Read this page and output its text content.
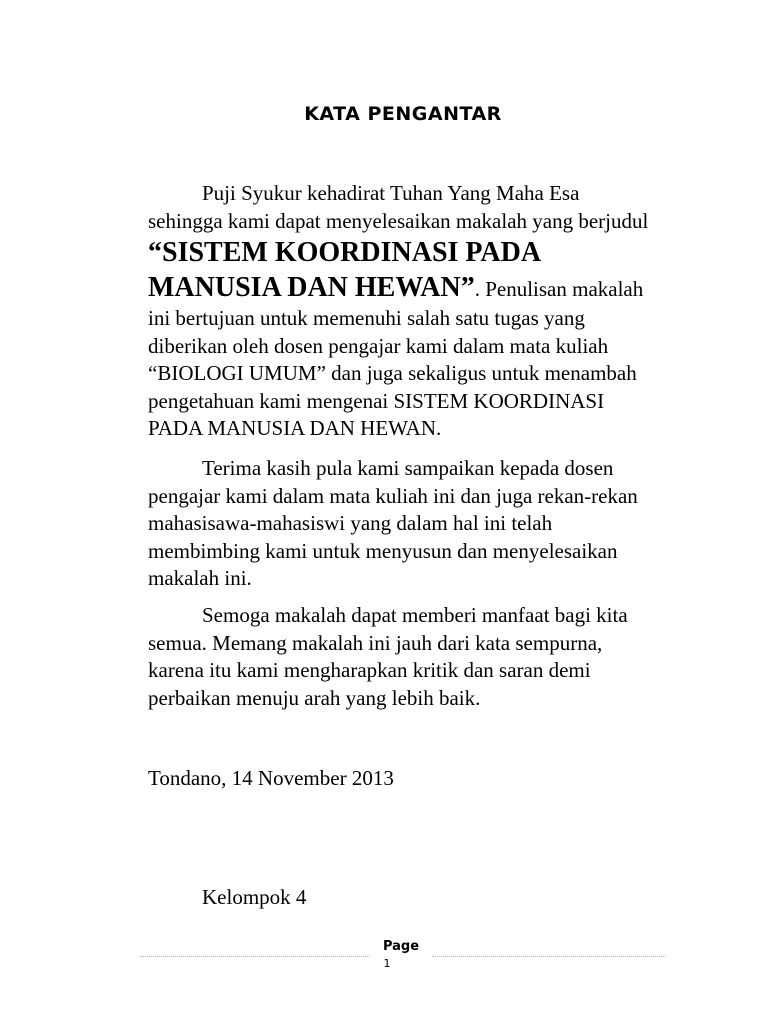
KATA PENGANTAR

Puji Syukur kehadirat Tuhan Yang Maha Esa sehingga kami dapat menyelesaikan makalah yang berjudul “SISTEM KOORDINASI PADA MANUSIA DAN HEWAN”. Penulisan makalah ini bertujuan untuk memenuhi salah satu tugas yang diberikan oleh dosen pengajar kami dalam mata kuliah “BIOLOGI UMUM” dan juga sekaligus untuk menambah pengetahuan kami mengenai SISTEM KOORDINASI PADA MANUSIA DAN HEWAN.

Terima kasih pula kami sampaikan kepada dosen pengajar kami dalam mata kuliah ini dan juga rekan-rekan mahasisawa-mahasiswi yang dalam hal ini telah membimbing kami untuk menyusun dan menyelesaikan makalah ini.

Semoga makalah dapat memberi manfaat bagi kita semua. Memang makalah ini jauh dari kata sempurna, karena itu kami mengharapkan kritik dan saran demi perbaikan menuju arah yang lebih baik.

Tondano, 14 November 2013

Kelompok 4

Page
1
